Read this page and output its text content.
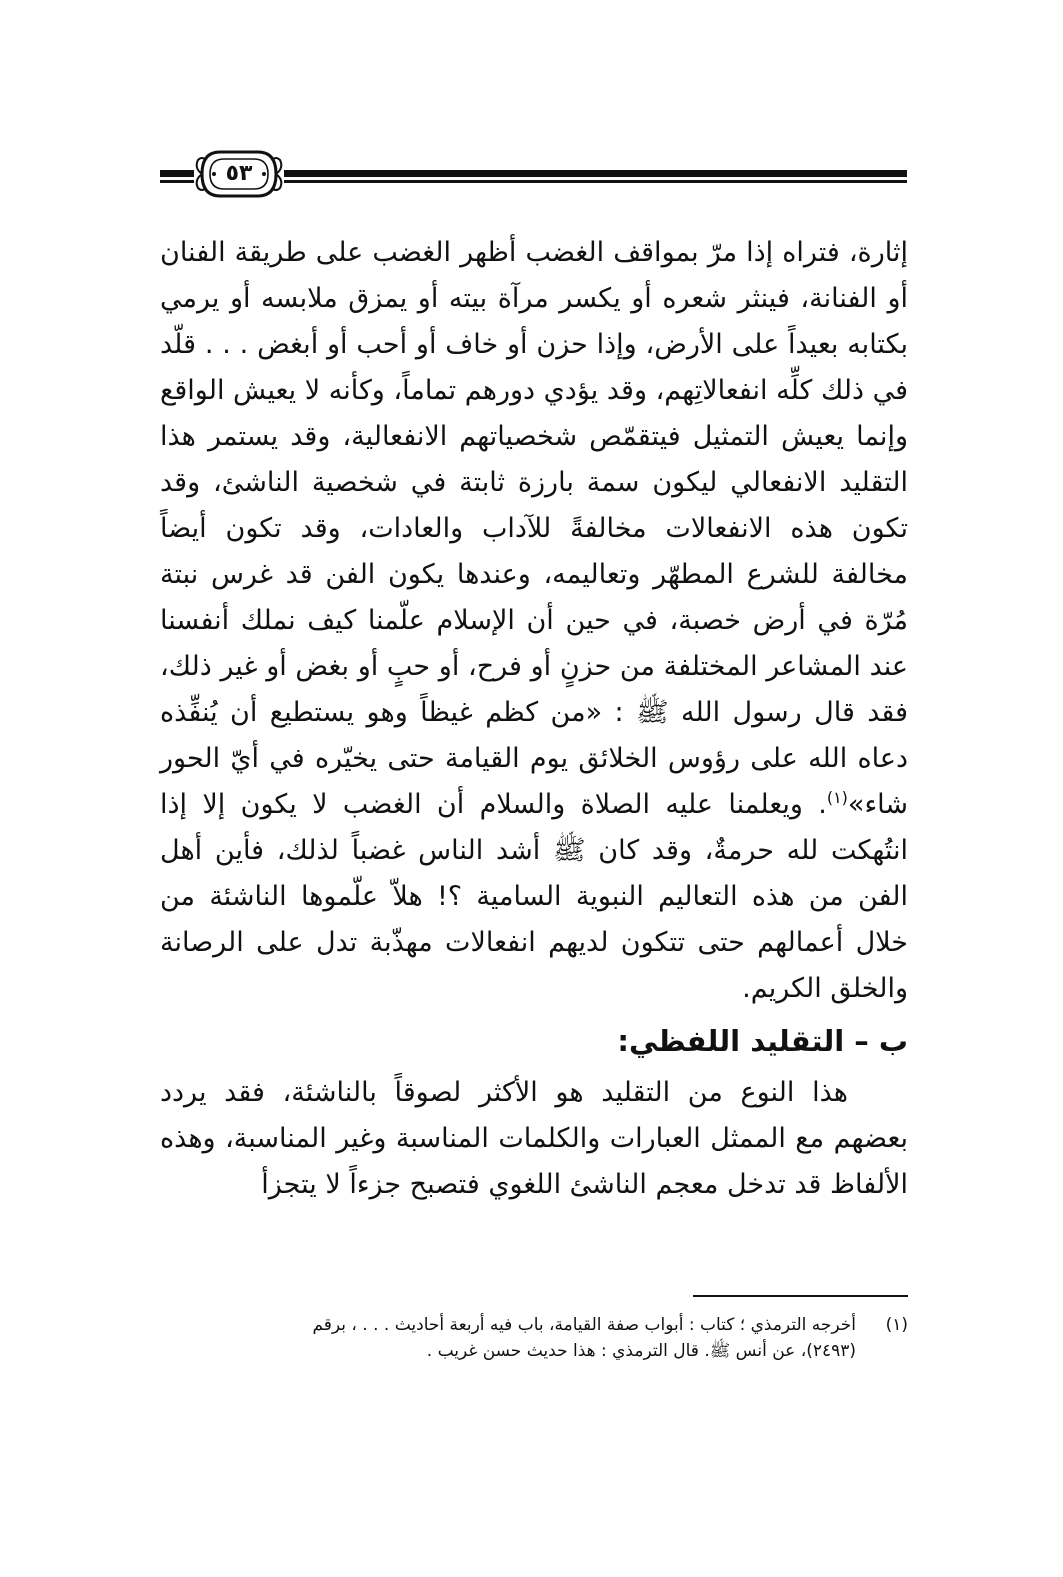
٥٣

إثارة، فتراه إذا مرّ بمواقف الغضب أظهر الغضب على طريقة الفنان أو الفنانة، فينثر شعره أو يكسر مرآة بيته أو يمزق ملابسه أو يرمي بكتابه بعيداً على الأرض، وإذا حزن أو خاف أو أحب أو أبغض . . . قلّد في ذلك كلِّه انفعالاتِهم، وقد يؤدي دورهم تماماً، وكأنه لا يعيش الواقع وإنما يعيش التمثيل فيتقمّص شخصياتهم الانفعالية، وقد يستمر هذا التقليد الانفعالي ليكون سمة بارزة ثابتة في شخصية الناشئ، وقد تكون هذه الانفعالات مخالفةً للآداب والعادات، وقد تكون أيضاً مخالفة للشرع المطهّر وتعاليمه، وعندها يكون الفن قد غرس نبتة مُرّة في أرض خصبة، في حين أن الإسلام علّمنا كيف نملك أنفسنا عند المشاعر المختلفة من حزنٍ أو فرح، أو حبٍ أو بغض أو غير ذلك، فقد قال رسول الله ﷺ : «من كظم غيظاً وهو يستطيع أن يُنفِّذه دعاه الله على رؤوس الخلائق يوم القيامة حتى يخيّره في أيّ الحور شاء»$^{(١)}$. ويعلمنا عليه الصلاة والسلام أن الغضب لا يكون إلا إذا انتُهكت لله حرمةٌ، وقد كان ﷺ أشد الناس غضباً لذلك، فأين أهل الفن من هذه التعاليم النبوية السامية ؟! هلاّ علّموها الناشئة من خلال أعمالهم حتى تتكون لديهم انفعالات مهذّبة تدل على الرصانة والخلق الكريم.

ب – التقليد اللفظي:

هذا النوع من التقليد هو الأكثر لصوقاً بالناشئة، فقد يردد بعضهم مع الممثل العبارات والكلمات المناسبة وغير المناسبة، وهذه الألفاظ قد تدخل معجم الناشئ اللغوي فتصبح جزءاً لا يتجزأ

(١)أخرجه الترمذي ؛ كتاب : أبواب صفة القيامة، باب فيه أربعة أحاديث . . . ، برقم
(٢٤٩٣)، عن أنس ﷺ. قال الترمذي : هذا حديث حسن غريب .
